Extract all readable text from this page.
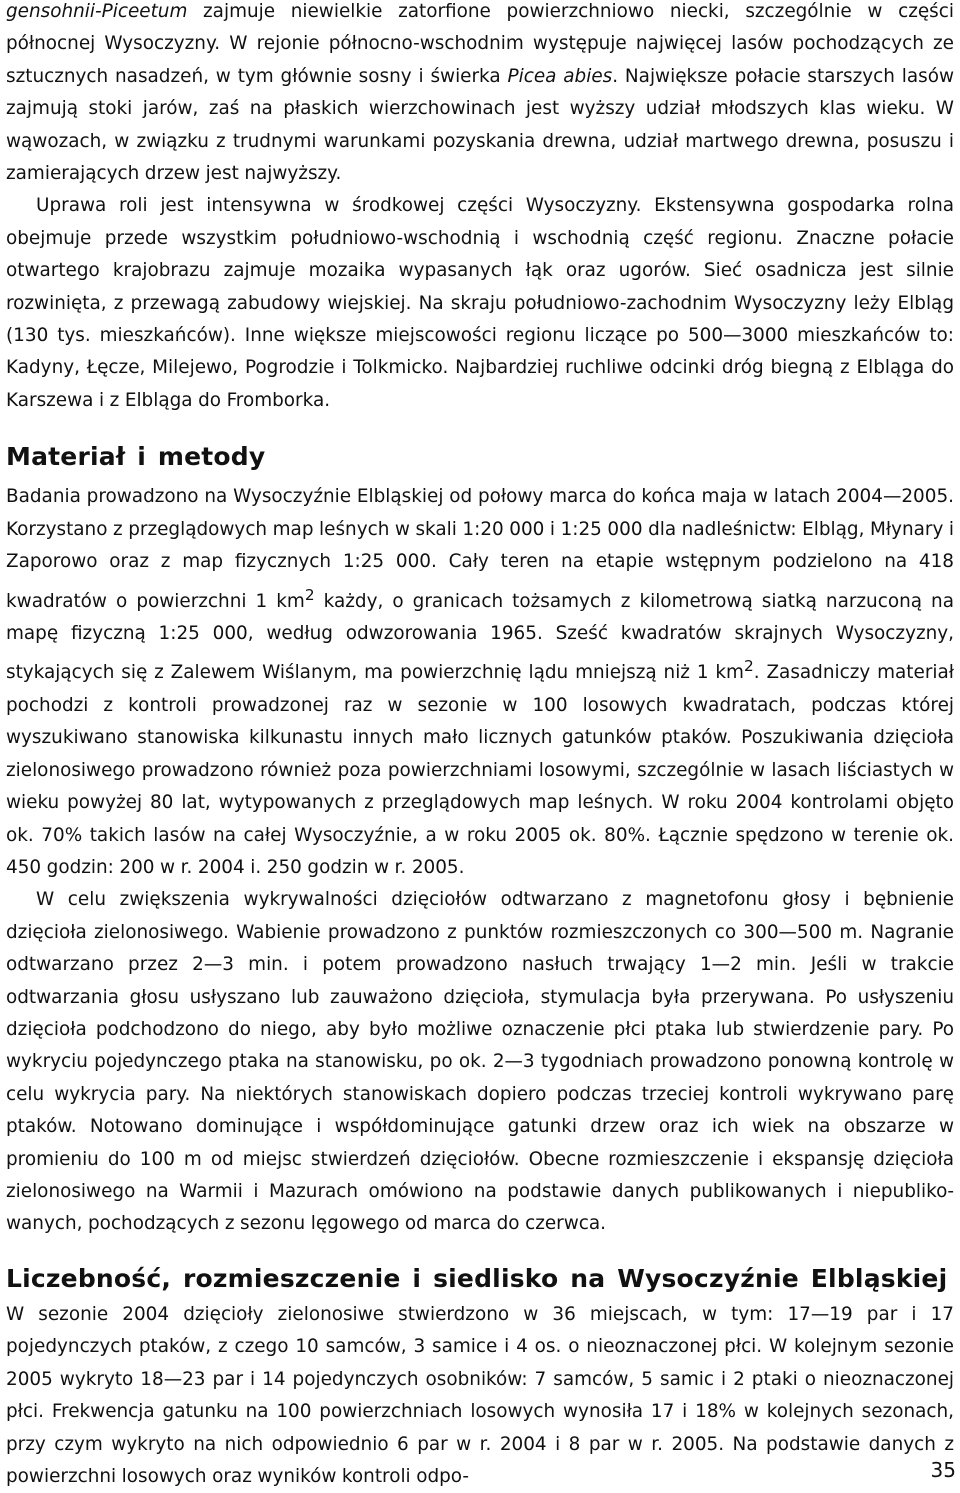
gensohnii-Piceetum zajmuje niewielkie zatorfione powierzchniowo niecki, szczególnie w części północnej Wysoczyzny. W rejonie północno-wschodnim występuje najwięcej lasów pochodzących ze sztucznych nasadzeń, w tym głównie sosny i świerka Picea abies. Największe połacie starszych lasów zajmują stoki jarów, zaś na płaskich wierzchowinach jest wyższy udział młodszych klas wieku. W wąwozach, w związku z trudnymi warunkami pozyskania drewna, udział martwego drewna, posuszu i zamierających drzew jest najwyższy.

Uprawa roli jest intensywna w środkowej części Wysoczyzny. Ekstensywna gospodarka rolna obejmuje przede wszystkim południowo-wschodnią i wschodnią część regionu. Znaczne połacie otwartego krajobrazu zajmuje mozaika wypasanych łąk oraz ugorów. Sieć osadnicza jest silnie rozwinięta, z przewagą zabudowy wiejskiej. Na skraju południowo-zachodnim Wysoczyzny leży Elbląg (130 tys. mieszkańców). Inne większe miejscowości regionu liczące po 500—3000 mieszkańców to: Kadyny, Łęcze, Milejewo, Pogrodzie i Tolkmicko. Najbardziej ruchliwe odcinki dróg biegną z Elbląga do Karszewa i z Elbląga do Fromborka.

Materiał i metody

Badania prowadzono na Wysoczyźnie Elbląskiej od połowy marca do końca maja w latach 2004—2005. Korzystano z przeglądowych map leśnych w skali 1:20 000 i 1:25 000 dla nadleśnictw: Elbląg, Młynary i Zaporowo oraz z map fizycznych 1:25 000. Cały teren na etapie wstępnym podzielono na 418 kwadratów o powierzchni 1 $km^2$ każdy, o granicach tożsamych z kilometrową siatką narzuconą na mapę fizyczną 1:25 000, według odwzorowania 1965. Sześć kwadratów skrajnych Wysoczyzny, stykających się z Zalewem Wiślanym, ma powierzchnię lądu mniejszą niż 1 $km^2$. Zasadniczy materiał pochodzi z kontroli prowadzonej raz w sezonie w 100 losowych kwadratach, podczas której wyszukiwano stanowiska kilkunastu innych mało licznych gatunków ptaków. Poszukiwania dzięcioła zielonosiwego prowadzono również poza powierzchniami losowymi, szczególnie w lasach liściastych w wieku powyżej 80 lat, wytypowanych z przeglądowych map leśnych. W roku 2004 kontrolami objęto ok. 70% takich lasów na całej Wysoczyźnie, a w roku 2005 ok. 80%. Łącznie spędzono w terenie ok. 450 godzin: 200 w r. 2004 i. 250 godzin w r. 2005.

W celu zwiększenia wykrywalności dzięciołów odtwarzano z magnetofonu głosy i bębnienie dzięcioła zielonosiwego. Wabienie prowadzono z punktów rozmieszczonych co 300—500 m. Nagranie odtwarzano przez 2—3 min. i potem prowadzono nasłuch trwający 1—2 min. Jeśli w trakcie odtwarzania głosu usłyszano lub zauważono dzięcioła, stymulacja była przerywana. Po usłyszeniu dzięcioła podchodzono do niego, aby było możliwe oznaczenie płci ptaka lub stwierdzenie pary. Po wykryciu pojedynczego ptaka na stanowisku, po ok. 2—3 tygodniach prowadzono ponowną kontrolę w celu wykrycia pary. Na niektórych stanowiskach dopiero podczas trzeciej kontroli wykrywano parę ptaków. Notowano dominujące i współdominujące gatunki drzew oraz ich wiek na obszarze w promieniu do 100 m od miejsc stwierdzeń dzięciołów. Obecne rozmieszczenie i ekspansję dzięcioła zielonosiwego na Warmii i Mazurach omówiono na podstawie danych publikowanych i niepublikowanych, pochodzących z sezonu lęgowego od marca do czerwca.

Liczebność, rozmieszczenie i siedlisko na Wysoczyźnie Elbląskiej

W sezonie 2004 dzięcioły zielonosiwe stwierdzono w 36 miejscach, w tym: 17—19 par i 17 pojedynczych ptaków, z czego 10 samców, 3 samice i 4 os. o nieoznaczonej płci. W kolejnym sezonie 2005 wykryto 18—23 par i 14 pojedynczych osobników: 7 samców, 5 samic i 2 ptaki o nieoznaczonej płci. Frekwencja gatunku na 100 powierzchniach losowych wynosiła 17 i 18% w kolejnych sezonach, przy czym wykryto na nich odpowiednio 6 par w r. 2004 i 8 par w r. 2005. Na podstawie danych z powierzchni losowych oraz wyników kontroli odpo-	35
